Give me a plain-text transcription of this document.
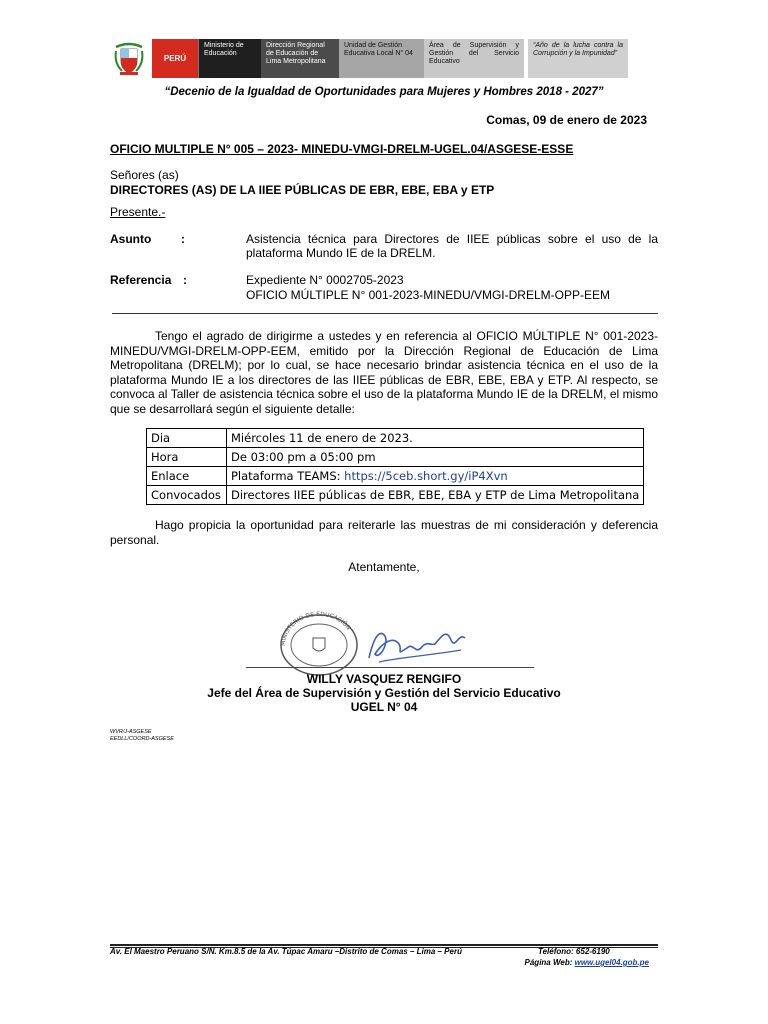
PERÚ
Ministerio de Educación
Dirección Regional de Educación de Lima Metropolitana
Unidad de Gestión Educativa Local N° 04
Área de Supervisión y Gestión del Servicio Educativo
“Año de la lucha contra la Corrupción y la Impunidad”
“Decenio de la Igualdad de Oportunidades para Mujeres y Hombres 2018 - 2027”
Comas, 09 de enero de 2023
OFICIO MULTIPLE N° 005 – 2023- MINEDU-VMGI-DRELM-UGEL.04/ASGESE-ESSE
Señores (as)
DIRECTORES (AS) DE LA IIEE PÚBLICAS DE EBR, EBE, EBA y ETP
Presente.-
Asunto :	Asistencia técnica para Directores de IIEE públicas sobre el uso de la plataforma Mundo IE de la DRELM.
Referencia :	Expediente N° 0002705-2023
OFICIO MÚLTIPLE N° 001-2023-MINEDU/VMGI-DRELM-OPP-EEM
Tengo el agrado de dirigirme a ustedes y en referencia al OFICIO MÚLTIPLE N° 001-2023-MINEDU/VMGI-DRELM-OPP-EEM, emitido por la Dirección Regional de Educación de Lima Metropolitana (DRELM); por lo cual, se hace necesario brindar asistencia técnica en el uso de la plataforma Mundo IE a los directores de las IIEE públicas de EBR, EBE, EBA y ETP. Al respecto, se convoca al Taller de asistencia técnica sobre el uso de la plataforma Mundo IE de la DRELM, el mismo que se desarrollará según el siguiente detalle:
Dia	Miércoles 11 de enero de 2023.
Hora	De 03:00 pm a 05:00 pm
Enlace	Plataforma TEAMS: https://5ceb.short.gy/iP4Xvn
Convocados	Directores IIEE públicas de EBR, EBE, EBA y ETP de Lima Metropolitana
Hago propicia la oportunidad para reiterarle las muestras de mi consideración y deferencia personal.
Atentamente,
MINISTERIO DE EDUCACIÓN
WILLY VASQUEZ RENGIFO
Jefe del Área de Supervisión y Gestión del Servicio Educativo
UGEL N° 04
WVR/J-ASGESE
EEDLL/COORD-ASGESE
Av. El Maestro Peruano S/N. Km.8.5 de la Av. Túpac Amaru –Distrito de Comas – Lima – Perú	Teléfono: 652-6190
Página Web: www.ugel04.gob.pe
